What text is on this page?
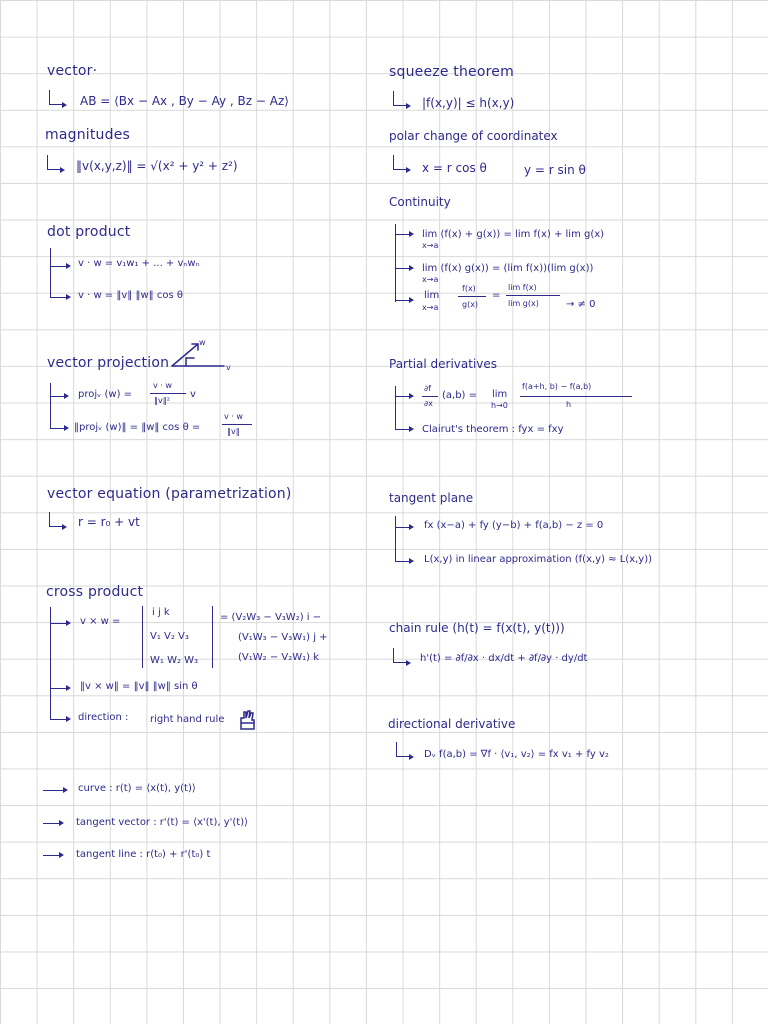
vector·
AB = ⟨Bx − Ax , By − Ay , Bz − Az⟩
magnitudes
‖v(x,y,z)‖ = √(x² + y² + z²)
dot product
v · w = v₁w₁ + ... + vₙwₙ
v · w = ‖v‖ ‖w‖ cos θ
vector projection
w
v
projᵥ (w) =
v · w
‖v‖²
v
‖projᵥ (w)‖ = ‖w‖ cos θ =
v · w
‖v‖
vector equation (parametrization)
r = r₀ + vt
cross product
v × w =
i j k
V₁ V₂ V₃
W₁ W₂ W₃
= (V₂W₃ − V₃W₂) i −
(V₁W₃ − V₃W₁) j +
(V₁W₂ − V₂W₁) k
‖v × w‖ = ‖v‖ ‖w‖ sin θ
direction : right hand rule
curve : r(t) = ⟨x(t), y(t)⟩
tangent vector : r'(t) = ⟨x'(t), y'(t)⟩
tangent line : r(t₀) + r'(t₀) t
squeeze theorem
|f(x,y)| ≤ h(x,y)
polar change of coordinatex
x = r cos θ	y = r sin θ
Continuity
lim (f(x) + g(x)) = lim f(x) + lim g(x)
x→a
lim (f(x) g(x)) = (lim f(x))(lim g(x))
x→a
lim
x→a
f(x)
g(x)
=
lim f(x)
lim g(x)	→ ≠ 0
Partial derivatives
∂f
∂x
(a,b) = lim
h→0
f(a+h, b) − f(a,b)
h
Clairut's theorem : fyx = fxy
tangent plane
fx (x−a) + fy (y−b) + f(a,b) − z = 0
L(x,y) in linear approximation (f(x,y) ≈ L(x,y))
chain rule (h(t) = f(x(t), y(t)))
h'(t) = ∂f/∂x · dx/dt + ∂f/∂y · dy/dt
directional derivative
Dᵥ f(a,b) = ∇f · ⟨v₁, v₂⟩ = fx v₁ + fy v₂
